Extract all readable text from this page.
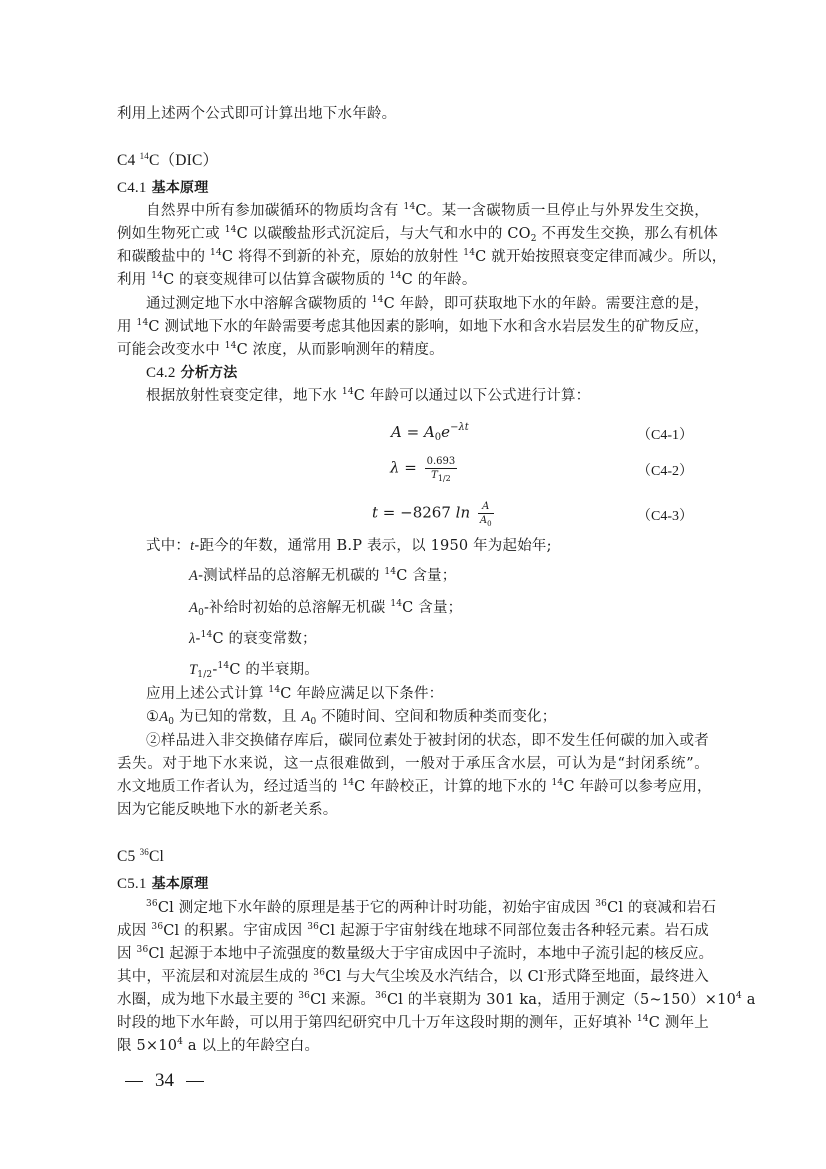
利用上述两个公式即可计算出地下水年龄。
C4 $^{14}$C（DIC）
C4.1 基本原理
自然界中所有参加碳循环的物质均含有 $^{14}$C。某一含碳物质一旦停止与外界发生交换，
例如生物死亡或 $^{14}$C 以碳酸盐形式沉淀后，与大气和水中的 $CO_2$ 不再发生交换，那么有机体
和碳酸盐中的 $^{14}$C 将得不到新的补充，原始的放射性 $^{14}$C 就开始按照衰变定律而减少。所以，
利用 $^{14}$C 的衰变规律可以估算含碳物质的 $^{14}$C 的年龄。
通过测定地下水中溶解含碳物质的 $^{14}$C 年龄，即可获取地下水的年龄。需要注意的是，
用 $^{14}$C 测试地下水的年龄需要考虑其他因素的影响，如地下水和含水岩层发生的矿物反应，
可能会改变水中 $^{14}$C 浓度，从而影响测年的精度。
C4.2 分析方法
根据放射性衰变定律，地下水 $^{14}$C 年龄可以通过以下公式进行计算：
$A = A_0e^{-\lambda t}$
（C4-1）
$\lambda = \frac{0.693}{T_{1/2}}$	（C4-2）
t = −8267 $\ln \frac{A}{A_0}$	（C4-3）
式中：t-距今的年数，通常用 B.P 表示，以 1950 年为起始年;
A-测试样品的总溶解无机碳的 $^{14}$C 含量；
$A_0-$补给时初始的总溶解无机碳 $^{14}$C 含量；
λ-$^{14}$C 的衰变常数；
$T_{1/2}-^{14}C$ 的半衰期。
应用上述公式计算 $^{14}$C 年龄应满足以下条件：
$①A_0$ 为已知的常数，且 $A_0$ 不随时间、空间和物质种类而变化；
②样品进入非交换储存库后，碳同位素处于被封闭的状态，即不发生任何碳的加入或者
丢失。对于地下水来说，这一点很难做到，一般对于承压含水层，可认为是“封闭系统”。
水文地质工作者认为，经过适当的 $^{14}$C 年龄校正，计算的地下水的 $^{14}$C 年龄可以参考应用，
因为它能反映地下水的新老关系。
C5 $^{36}$Cl
C5.1 基本原理
$^{36}$Cl 测定地下水年龄的原理是基于它的两种计时功能，初始宇宙成因 $^{36}$Cl 的衰减和岩石
成因 $^{36}$Cl 的积累。宇宙成因 $^{36}$Cl 起源于宇宙射线在地球不同部位轰击各种轻元素。岩石成
因 $^{36}$Cl 起源于本地中子流强度的数量级大于宇宙成因中子流时，本地中子流引起的核反应。
其中，平流层和对流层生成的 $^{36}$Cl 与大气尘埃及水汽结合，以 Cl-形式降至地面，最终进入
水圈，成为地下水最主要的 $^{36}$Cl 来源。$^{36}$Cl 的半衰期为 301 ka，适用于测定$(5\sim 150)\times 10^4$ a
时段的地下水年龄，可以用于第四纪研究中几十万年这段时期的测年，正好填补 $^{14}$C 测年上
限 $5\times 10^4$ a 以上的年龄空白。
34
